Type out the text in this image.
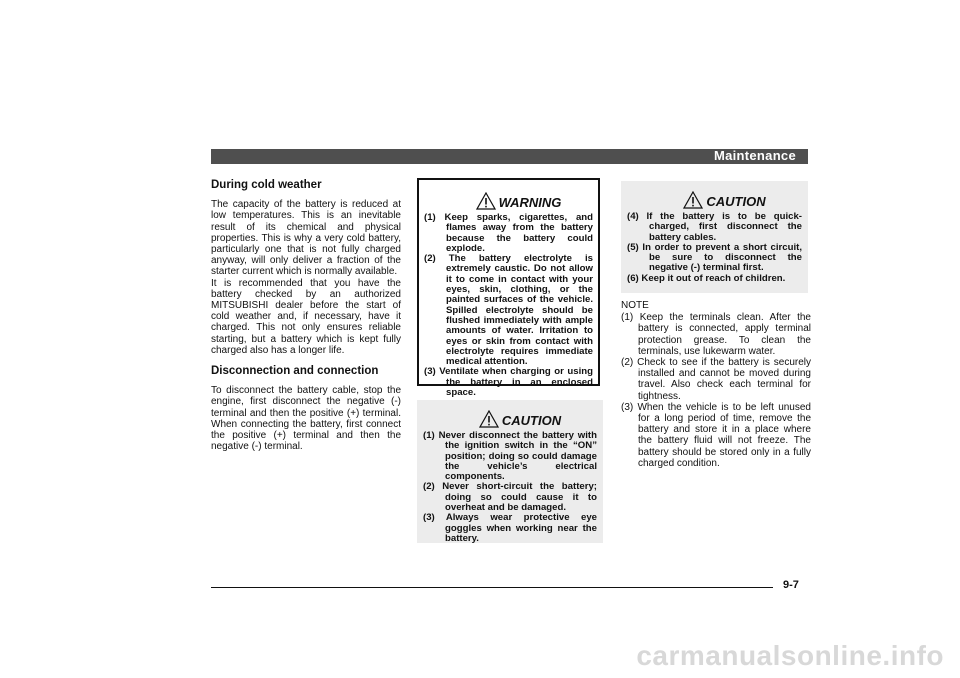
Maintenance
During cold weather

The capacity of the battery is reduced at low temperatures. This is an inevitable result of its chemical and physical properties. This is why a very cold battery, particularly one that is not fully charged anyway, will only deliver a fraction of the starter current which is normally available.

It is recommended that you have the battery checked by an authorized MITSUBISHI dealer before the start of cold weather and, if necessary, have it charged. This not only ensures reliable starting, but a battery which is kept fully charged also has a longer life.

Disconnection and connection

To disconnect the battery cable, stop the engine, first disconnect the negative (-) terminal and then the positive (+) terminal. When connecting the battery, first connect the positive (+) terminal and then the negative (-) terminal.

WARNING
(1) Keep sparks, cigarettes, and flames away from the battery because the battery could explode.
(2) The battery electrolyte is extremely caustic. Do not allow it to come in contact with your eyes, skin, clothing, or the painted surfaces of the vehicle. Spilled electrolyte should be flushed immediately with ample amounts of water. Irritation to eyes or skin from contact with electrolyte requires immediate medical attention.
(3) Ventilate when charging or using the battery in an enclosed space.
CAUTION
(1) Never disconnect the battery with the ignition switch in the “ON” position; doing so could damage the vehicle’s electrical components.
(2) Never short-circuit the battery; doing so could cause it to overheat and be damaged.
(3) Always wear protective eye goggles when working near the battery.
CAUTION
(4) If the battery is to be quick-charged, first disconnect the battery cables.
(5) In order to prevent a short circuit, be sure to disconnect the negative (-) terminal first.
(6) Keep it out of reach of children.
NOTE
(1) Keep the terminals clean. After the battery is connected, apply terminal protection grease. To clean the terminals, use lukewarm water.
(2) Check to see if the battery is securely installed and cannot be moved during travel. Also check each terminal for tightness.
(3) When the vehicle is to be left unused for a long period of time, remove the battery and store it in a place where the battery fluid will not freeze. The battery should be stored only in a fully charged condition.
9-7
carmanualsonline.info
